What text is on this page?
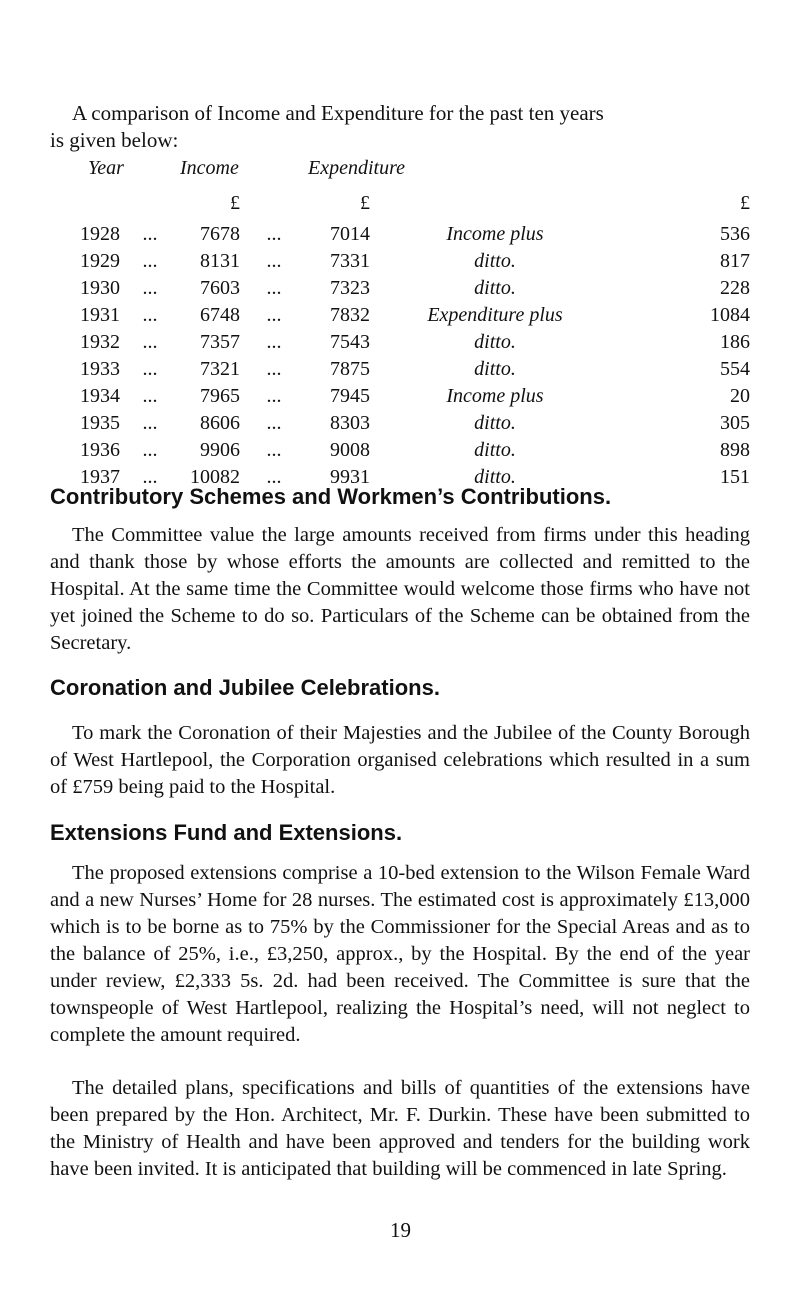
A comparison of Income and Expenditure for the past ten years
is given below:
Year		Income		Expenditure		
		£		£		£
1928	...	7678	...	7014	Income plus	536
1929	...	8131	...	7331	ditto.	817
1930	...	7603	...	7323	ditto.	228
1931	...	6748	...	7832	Expenditure plus	1084
1932	...	7357	...	7543	ditto.	186
1933	...	7321	...	7875	ditto.	554
1934	...	7965	...	7945	Income plus	20
1935	...	8606	...	8303	ditto.	305
1936	...	9906	...	9008	ditto.	898
1937	...	10082	...	9931	ditto.	151
Contributory Schemes and Workmen’s Contributions.

The Committee value the large amounts received from firms under this heading and thank those by whose efforts the amounts are collected and remitted to the Hospital. At the same time the Committee would welcome those firms who have not yet joined the Scheme to do so. Particulars of the Scheme can be obtained from the Secretary.

Coronation and Jubilee Celebrations.

To mark the Coronation of their Majesties and the Jubilee of the County Borough of West Hartlepool, the Corporation organised celebrations which resulted in a sum of £759 being paid to the Hospital.

Extensions Fund and Extensions.

The proposed extensions comprise a 10-bed extension to the Wilson Female Ward and a new Nurses’ Home for 28 nurses. The estimated cost is approximately £13,000 which is to be borne as to 75% by the Commissioner for the Special Areas and as to the balance of 25%, i.e., £3,250, approx., by the Hospital. By the end of the year under review, £2,333 5s. 2d. had been received. The Committee is sure that the townspeople of West Hartlepool, realizing the Hospital’s need, will not neglect to complete the amount required.

The detailed plans, specifications and bills of quantities of the extensions have been prepared by the Hon. Architect, Mr. F. Durkin. These have been submitted to the Ministry of Health and have been approved and tenders for the building work have been invited. It is anticipated that building will be commenced in late Spring.

19
